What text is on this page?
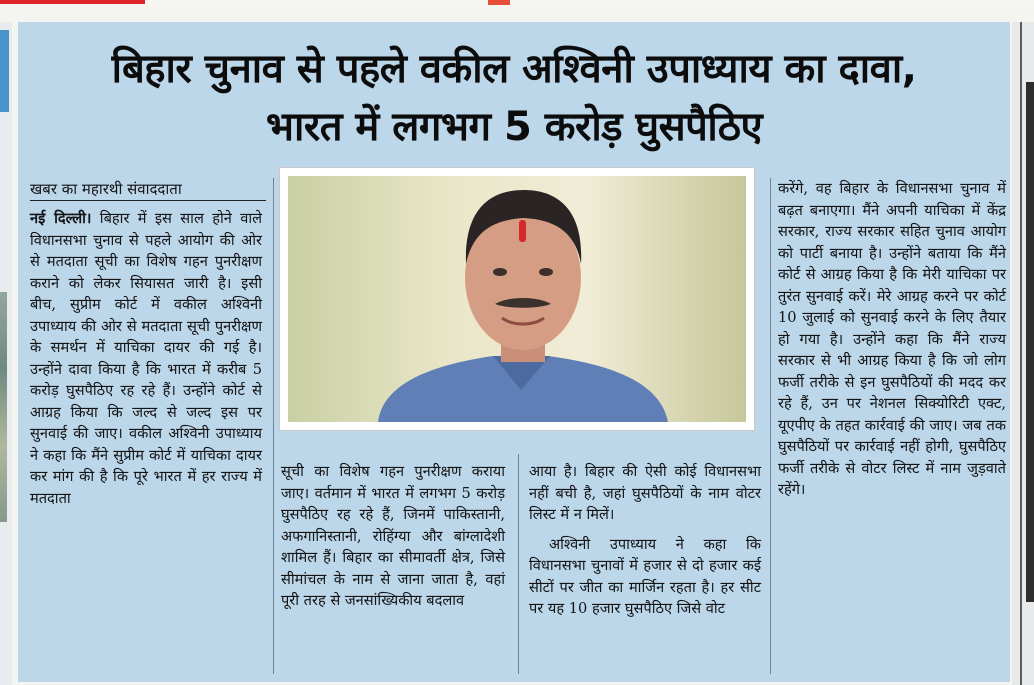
बिहार चुनाव से पहले वकील अश्विनी उपाध्याय का दावा,
भारत में लगभग 5 करोड़ घुसपैठिए
खबर का महारथी संवाददाता

नई दिल्ली। बिहार में इस साल होने वाले विधानसभा चुनाव से पहले आयोग की ओर से मतदाता सूची का विशेष गहन पुनरीक्षण कराने को लेकर सियासत जारी है। इसी बीच, सुप्रीम कोर्ट में वकील अश्विनी उपाध्याय की ओर से मतदाता सूची पुनरीक्षण के समर्थन में याचिका दायर की गई है। उन्होंने दावा किया है कि भारत में करीब 5 करोड़ घुसपैठिए रह रहे हैं। उन्होंने कोर्ट से आग्रह किया कि जल्द से जल्द इस पर सुनवाई की जाए। वकील अश्विनी उपाध्याय ने कहा कि मैंने सुप्रीम कोर्ट में याचिका दायर कर मांग की है कि पूरे भारत में हर राज्य में मतदाता

सूची का विशेष गहन पुनरीक्षण कराया जाए। वर्तमान में भारत में लगभग 5 करोड़ घुसपैठिए रह रहे हैं, जिनमें पाकिस्तानी, अफगानिस्तानी, रोहिंग्या और बांग्लादेशी शामिल हैं। बिहार का सीमावर्ती क्षेत्र, जिसे सीमांचल के नाम से जाना जाता है, वहां पूरी तरह से जनसांख्यिकीय बदलाव

आया है। बिहार की ऐसी कोई विधानसभा नहीं बची है, जहां घुसपैठियों के नाम वोटर लिस्ट में न मिलें।

अश्विनी उपाध्याय ने कहा कि विधानसभा चुनावों में हजार से दो हजार कई सीटों पर जीत का मार्जिन रहता है। हर सीट पर यह 10 हजार घुसपैठिए जिसे वोट

करेंगे, वह बिहार के विधानसभा चुनाव में बढ़त बनाएगा। मैंने अपनी याचिका में केंद्र सरकार, राज्य सरकार सहित चुनाव आयोग को पार्टी बनाया है। उन्होंने बताया कि मैंने कोर्ट से आग्रह किया है कि मेरी याचिका पर तुरंत सुनवाई करें। मेरे आग्रह करने पर कोर्ट 10 जुलाई को सुनवाई करने के लिए तैयार हो गया है। उन्होंने कहा कि मैंने राज्य सरकार से भी आग्रह किया है कि जो लोग फर्जी तरीके से इन घुसपैठियों की मदद कर रहे हैं, उन पर नेशनल सिक्योरिटी एक्ट, यूएपीए के तहत कार्रवाई की जाए। जब तक घुसपैठियों पर कार्रवाई नहीं होगी, घुसपैठिए फर्जी तरीके से वोटर लिस्ट में नाम जुड़वाते रहेंगे।
